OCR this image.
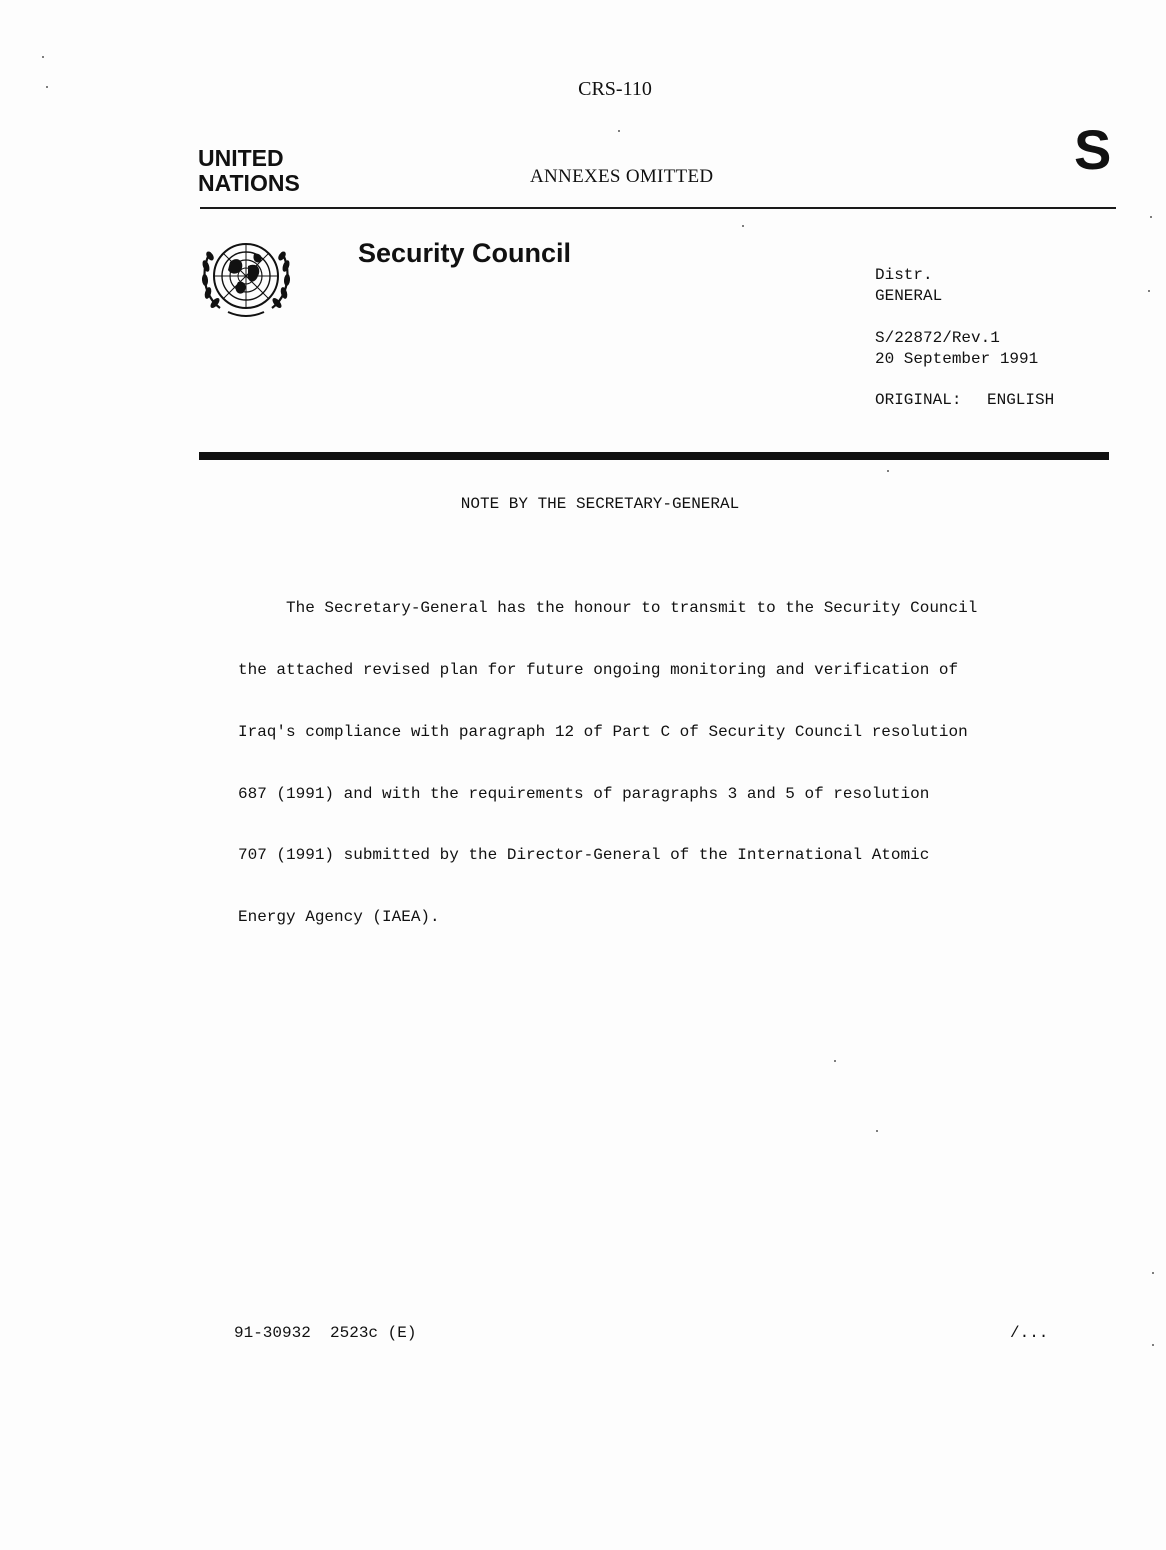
CRS-110
UNITED
NATIONS	ANNEXES OMITTED	S
Security Council
Distr.
GENERAL
S/22872/Rev.1
20 September 1991
ORIGINAL: ENGLISH
NOTE BY THE SECRETARY-GENERAL

The Secretary-General has the honour to transmit to the Security Council

the attached revised plan for future ongoing monitoring and verification of

Iraq's compliance with paragraph 12 of Part C of Security Council resolution

687 (1991) and with the requirements of paragraphs 3 and 5 of resolution

707 (1991) submitted by the Director-General of the International Atomic

Energy Agency (IAEA).

91-30932  2523c (E)	/...
